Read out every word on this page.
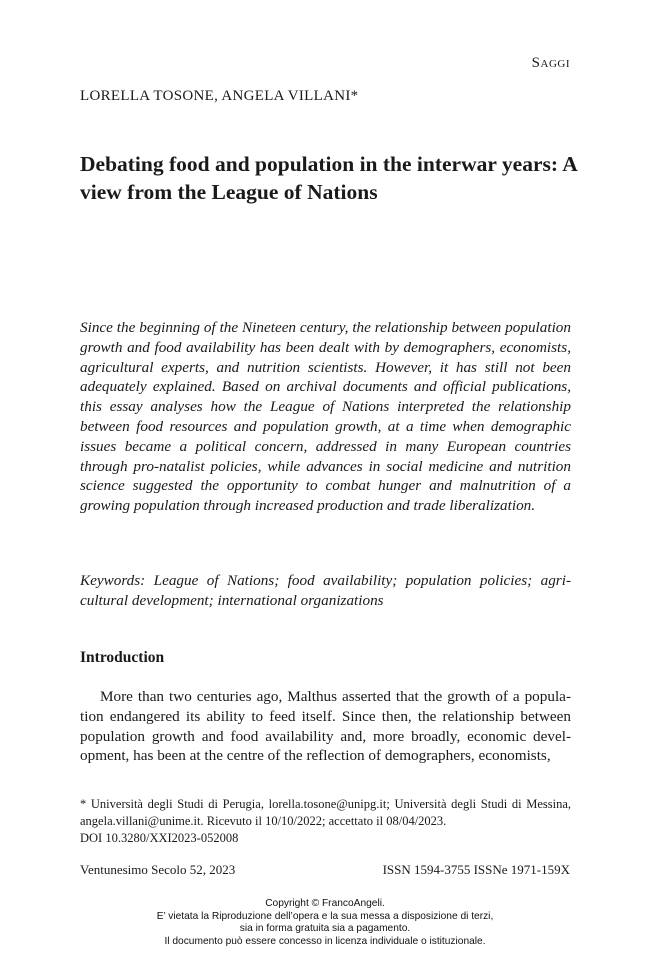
Saggi
LORELLA TOSONE, ANGELA VILLANI*
Debating food and population in the interwar years: A view from the League of Nations
Since the beginning of the Nineteen century, the relationship between population growth and food availability has been dealt with by demographers, economists, agricultural experts, and nutrition scientists. However, it has still not been adequately explained. Based on archival documents and official publications, this essay analyses how the League of Nations interpreted the relationship between food resources and population growth, at a time when demographic issues became a political concern, addressed in many European countries through pro-natalist policies, while advances in social medicine and nutrition science suggested the opportunity to combat hunger and malnutrition of a growing population through increased production and trade liberalization.
Keywords: League of Nations; food availability; population policies; agricultural development; international organizations
Introduction
More than two centuries ago, Malthus asserted that the growth of a population endangered its ability to feed itself. Since then, the relationship between population growth and food availability and, more broadly, economic development, has been at the centre of the reflection of demographers, economists,
* Università degli Studi di Perugia, lorella.tosone@unipg.it; Università degli Studi di Messina, angela.villani@unime.it. Ricevuto il 10/10/2022; accettato il 08/04/2023.
DOI 10.3280/XXI2023-052008
Ventunesimo Secolo 52, 2023	ISSN 1594-3755 ISSNe 1971-159X
Copyright © FrancoAngeli.
E’ vietata la Riproduzione dell’opera e la sua messa a disposizione di terzi,
sia in forma gratuita sia a pagamento.
Il documento può essere concesso in licenza individuale o istituzionale.
